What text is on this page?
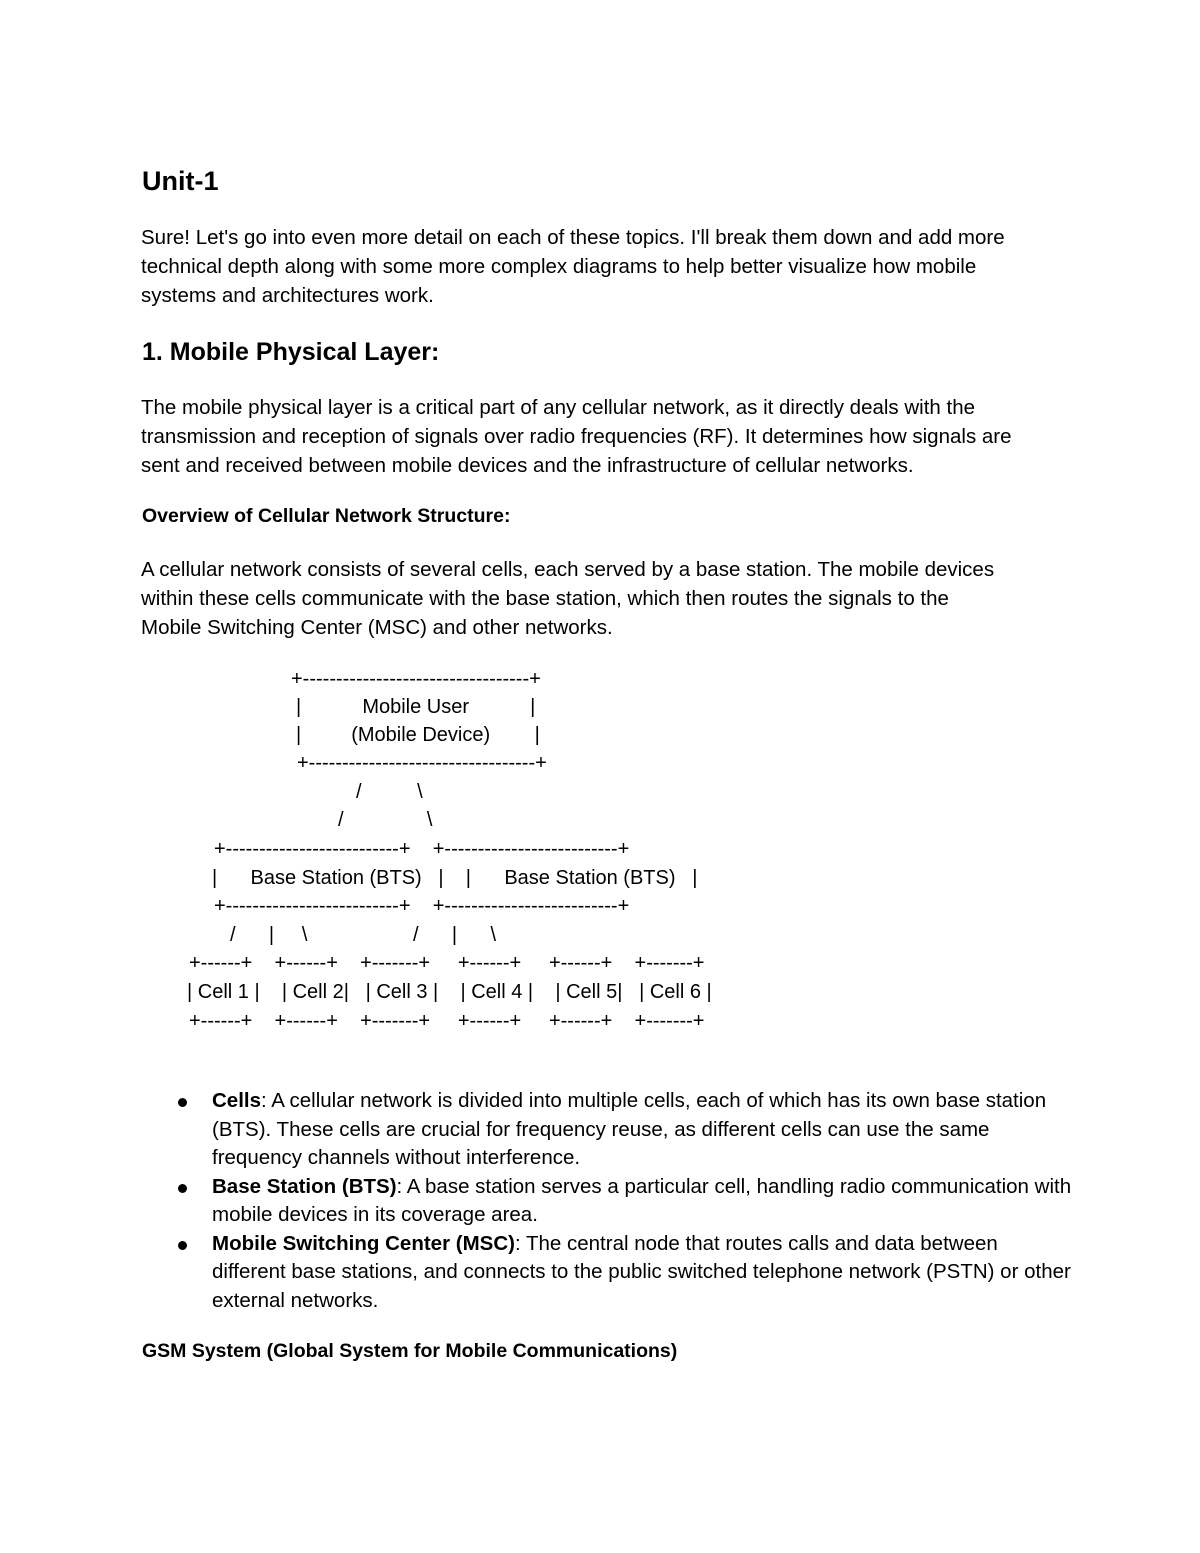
Unit-1
Sure! Let's go into even more detail on each of these topics. I'll break them down and add more
technical depth along with some more complex diagrams to help better visualize how mobile
systems and architectures work.
1. Mobile Physical Layer:
The mobile physical layer is a critical part of any cellular network, as it directly deals with the
transmission and reception of signals over radio frequencies (RF). It determines how signals are
sent and received between mobile devices and the infrastructure of cellular networks.
Overview of Cellular Network Structure:
A cellular network consists of several cells, each served by a base station. The mobile devices
within these cells communicate with the base station, which then routes the signals to the
Mobile Switching Center (MSC) and other networks.
+----------------------------------+
|           Mobile User           |
|         (Mobile Device)        |
+----------------------------------+
/          \
/               \
+--------------------------+    +--------------------------+
|      Base Station (BTS)   |    |      Base Station (BTS)   |
+--------------------------+    +--------------------------+
/      |     \                   /      |      \
+------+    +------+    +-------+     +------+     +------+    +-------+
| Cell 1 |    | Cell 2|   | Cell 3 |    | Cell 4 |    | Cell 5|   | Cell 6 |
+------+    +------+    +-------+     +------+     +------+    +-------+
Cells: A cellular network is divided into multiple cells, each of which has its own base station (BTS). These cells are crucial for frequency reuse, as different cells can use the same frequency channels without interference.
Base Station (BTS): A base station serves a particular cell, handling radio communication with mobile devices in its coverage area.
Mobile Switching Center (MSC): The central node that routes calls and data between different base stations, and connects to the public switched telephone network (PSTN) or other external networks.
GSM System (Global System for Mobile Communications)
